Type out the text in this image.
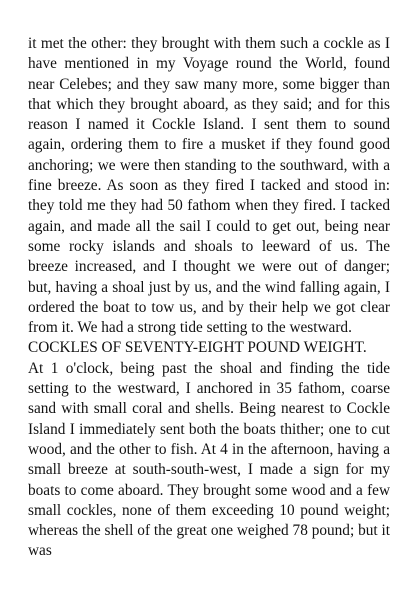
it met the other: they brought with them such a cockle as I have mentioned in my Voyage round the World, found near Celebes; and they saw many more, some bigger than that which they brought aboard, as they said; and for this reason I named it Cockle Island. I sent them to sound again, ordering them to fire a musket if they found good anchoring; we were then standing to the southward, with a fine breeze. As soon as they fired I tacked and stood in: they told me they had 50 fathom when they fired. I tacked again, and made all the sail I could to get out, being near some rocky islands and shoals to leeward of us. The breeze increased, and I thought we were out of danger; but, having a shoal just by us, and the wind falling again, I ordered the boat to tow us, and by their help we got clear from it. We had a strong tide setting to the westward.

COCKLES OF SEVENTY-EIGHT POUND WEIGHT.

At 1 o'clock, being past the shoal and finding the tide setting to the westward, I anchored in 35 fathom, coarse sand with small coral and shells. Being nearest to Cockle Island I immediately sent both the boats thither; one to cut wood, and the other to fish. At 4 in the afternoon, having a small breeze at south-south-west, I made a sign for my boats to come aboard. They brought some wood and a few small cockles, none of them exceeding 10 pound weight; whereas the shell of the great one weighed 78 pound; but it was
